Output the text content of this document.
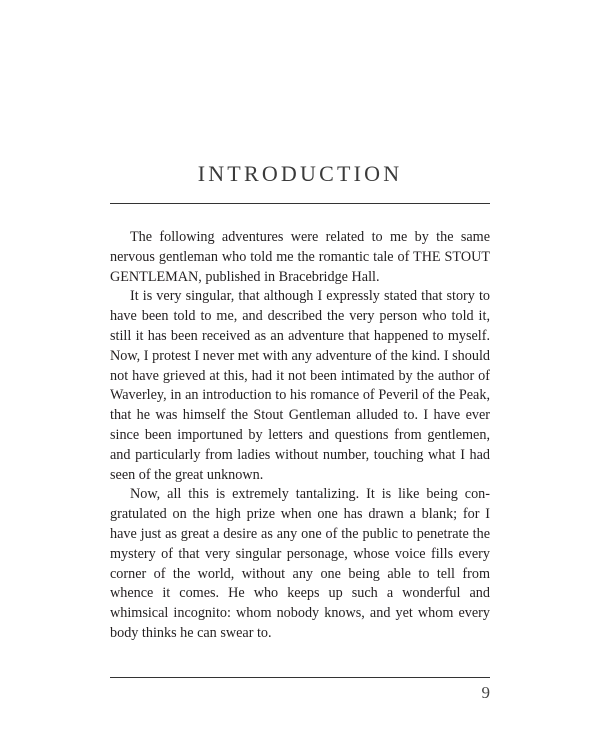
INTRODUCTION

The following adventures were related to me by the same nervous gentleman who told me the romantic tale of THE STOUT GENTLEMAN, published in Bracebridge Hall.

It is very singular, that although I expressly stated that story to have been told to me, and described the very person who told it, still it has been received as an adventure that happened to myself. Now, I protest I never met with any adventure of the kind. I should not have grieved at this, had it not been intimated by the author of Waverley, in an introduction to his romance of Peveril of the Peak, that he was himself the Stout Gentleman alluded to. I have ever since been importuned by letters and questions from gentlemen, and particularly from ladies without number, touching what I had seen of the great unknown.

Now, all this is extremely tantalizing. It is like being congratulated on the high prize when one has drawn a blank; for I have just as great a desire as any one of the public to penetrate the mystery of that very singular personage, whose voice fills every corner of the world, without any one being able to tell from whence it comes. He who keeps up such a wonderful and whimsical incognito: whom nobody knows, and yet whom every body thinks he can swear to.

9
